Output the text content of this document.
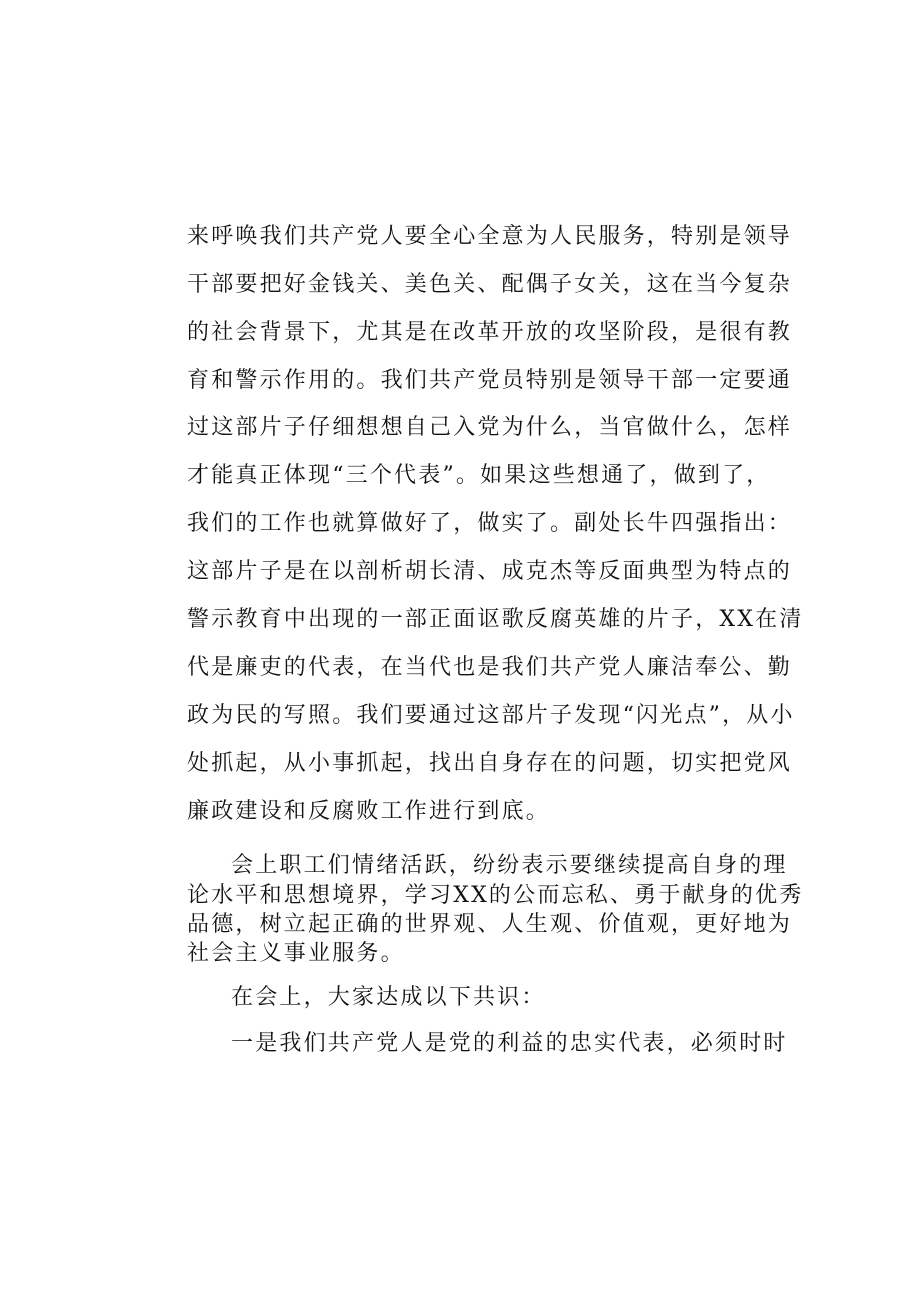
来呼唤我们共产党人要全心全意为人民服务，特别是领导
干部要把好金钱关、美色关、配偶子女关，这在当今复杂
的社会背景下，尤其是在改革开放的攻坚阶段，是很有教
育和警示作用的。我们共产党员特别是领导干部一定要通
过这部片子仔细想想自己入党为什么，当官做什么，怎样
才能真正体现“三个代表”。如果这些想通了，做到了，
我们的工作也就算做好了，做实了。副处长牛四强指出：
这部片子是在以剖析胡长清、成克杰等反面典型为特点的
警示教育中出现的一部正面讴歌反腐英雄的片子，XX在清
代是廉吏的代表，在当代也是我们共产党人廉洁奉公、勤
政为民的写照。我们要通过这部片子发现“闪光点”，从小
处抓起，从小事抓起，找出自身存在的问题，切实把党风
廉政建设和反腐败工作进行到底。
会上职工们情绪活跃，纷纷表示要继续提高自身的理
论水平和思想境界，学习XX的公而忘私、勇于献身的优秀
品德，树立起正确的世界观、人生观、价值观，更好地为
社会主义事业服务。
在会上，大家达成以下共识：
一是我们共产党人是党的利益的忠实代表，必须时时
